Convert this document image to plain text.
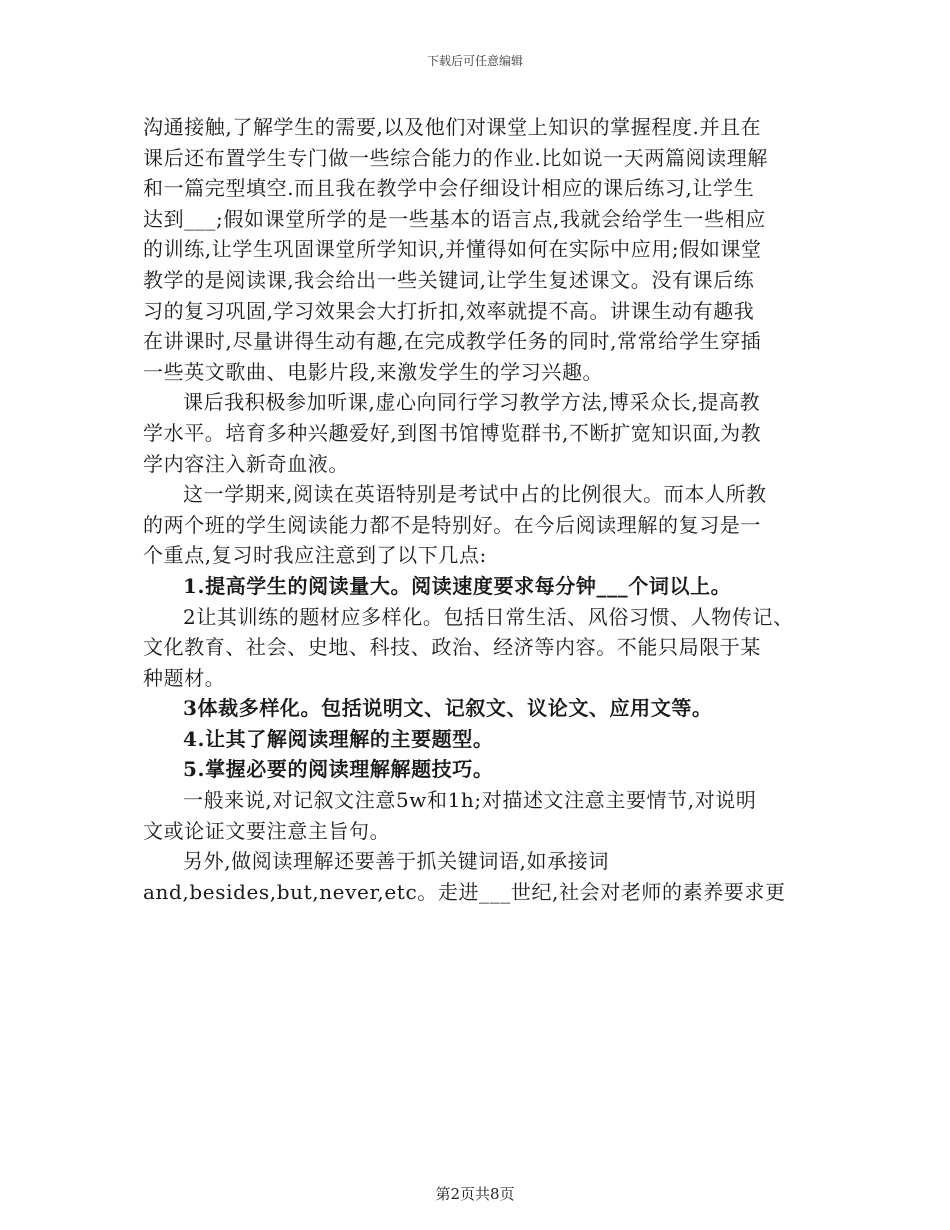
下载后可任意编辑
沟通接触,了解学生的需要,以及他们对课堂上知识的掌握程度.并且在
课后还布置学生专门做一些综合能力的作业.比如说一天两篇阅读理解
和一篇完型填空.而且我在教学中会仔细设计相应的课后练习,让学生
达到___;假如课堂所学的是一些基本的语言点,我就会给学生一些相应
的训练,让学生巩固课堂所学知识,并懂得如何在实际中应用;假如课堂
教学的是阅读课,我会给出一些关键词,让学生复述课文。没有课后练
习的复习巩固,学习效果会大打折扣,效率就提不高。讲课生动有趣我
在讲课时,尽量讲得生动有趣,在完成教学任务的同时,常常给学生穿插
一些英文歌曲、电影片段,来激发学生的学习兴趣。
课后我积极参加听课,虚心向同行学习教学方法,博采众长,提高教
学水平。培育多种兴趣爱好,到图书馆博览群书,不断扩宽知识面,为教
学内容注入新奇血液。
这一学期来,阅读在英语特别是考试中占的比例很大。而本人所教
的两个班的学生阅读能力都不是特别好。在今后阅读理解的复习是一
个重点,复习时我应注意到了以下几点:
1.提高学生的阅读量大。阅读速度要求每分钟___个词以上。
2让其训练的题材应多样化。包括日常生活、风俗习惯、人物传记、
文化教育、社会、史地、科技、政治、经济等内容。不能只局限于某
种题材。
3体裁多样化。包括说明文、记叙文、议论文、应用文等。
4.让其了解阅读理解的主要题型。
5.掌握必要的阅读理解解题技巧。
一般来说,对记叙文注意5w和1h;对描述文注意主要情节,对说明
文或论证文要注意主旨句。
另外,做阅读理解还要善于抓关键词语,如承接词
and,besides,but,never,etc。走进___世纪,社会对老师的素养要求更
第2页共8页
